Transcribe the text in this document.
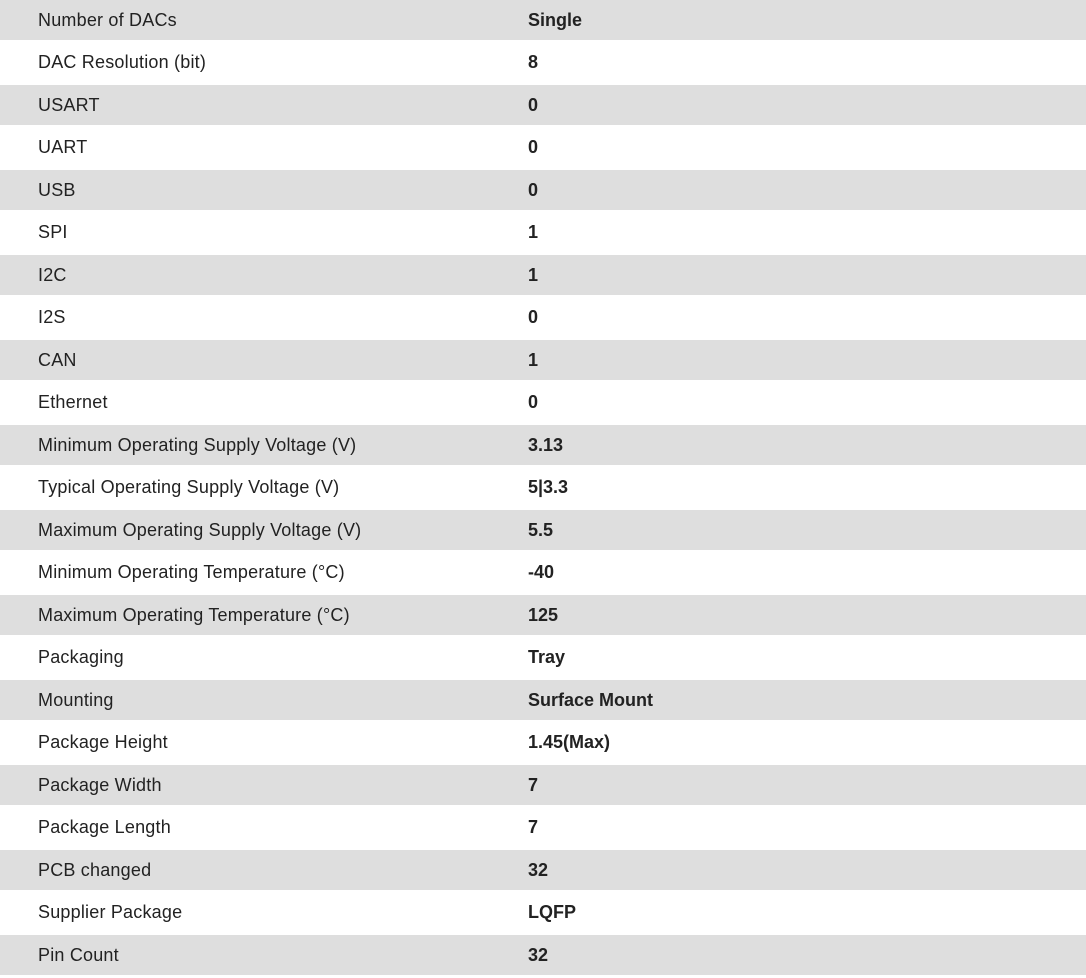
Number of DACs	Single
DAC Resolution (bit)	8
USART	0
UART	0
USB	0
SPI	1
I2C	1
I2S	0
CAN	1
Ethernet	0
Minimum Operating Supply Voltage (V)	3.13
Typical Operating Supply Voltage (V)	5|3.3
Maximum Operating Supply Voltage (V)	5.5
Minimum Operating Temperature (°C)	-40
Maximum Operating Temperature (°C)	125
Packaging	Tray
Mounting	Surface Mount
Package Height	1.45(Max)
Package Width	7
Package Length	7
PCB changed	32
Supplier Package	LQFP
Pin Count	32
